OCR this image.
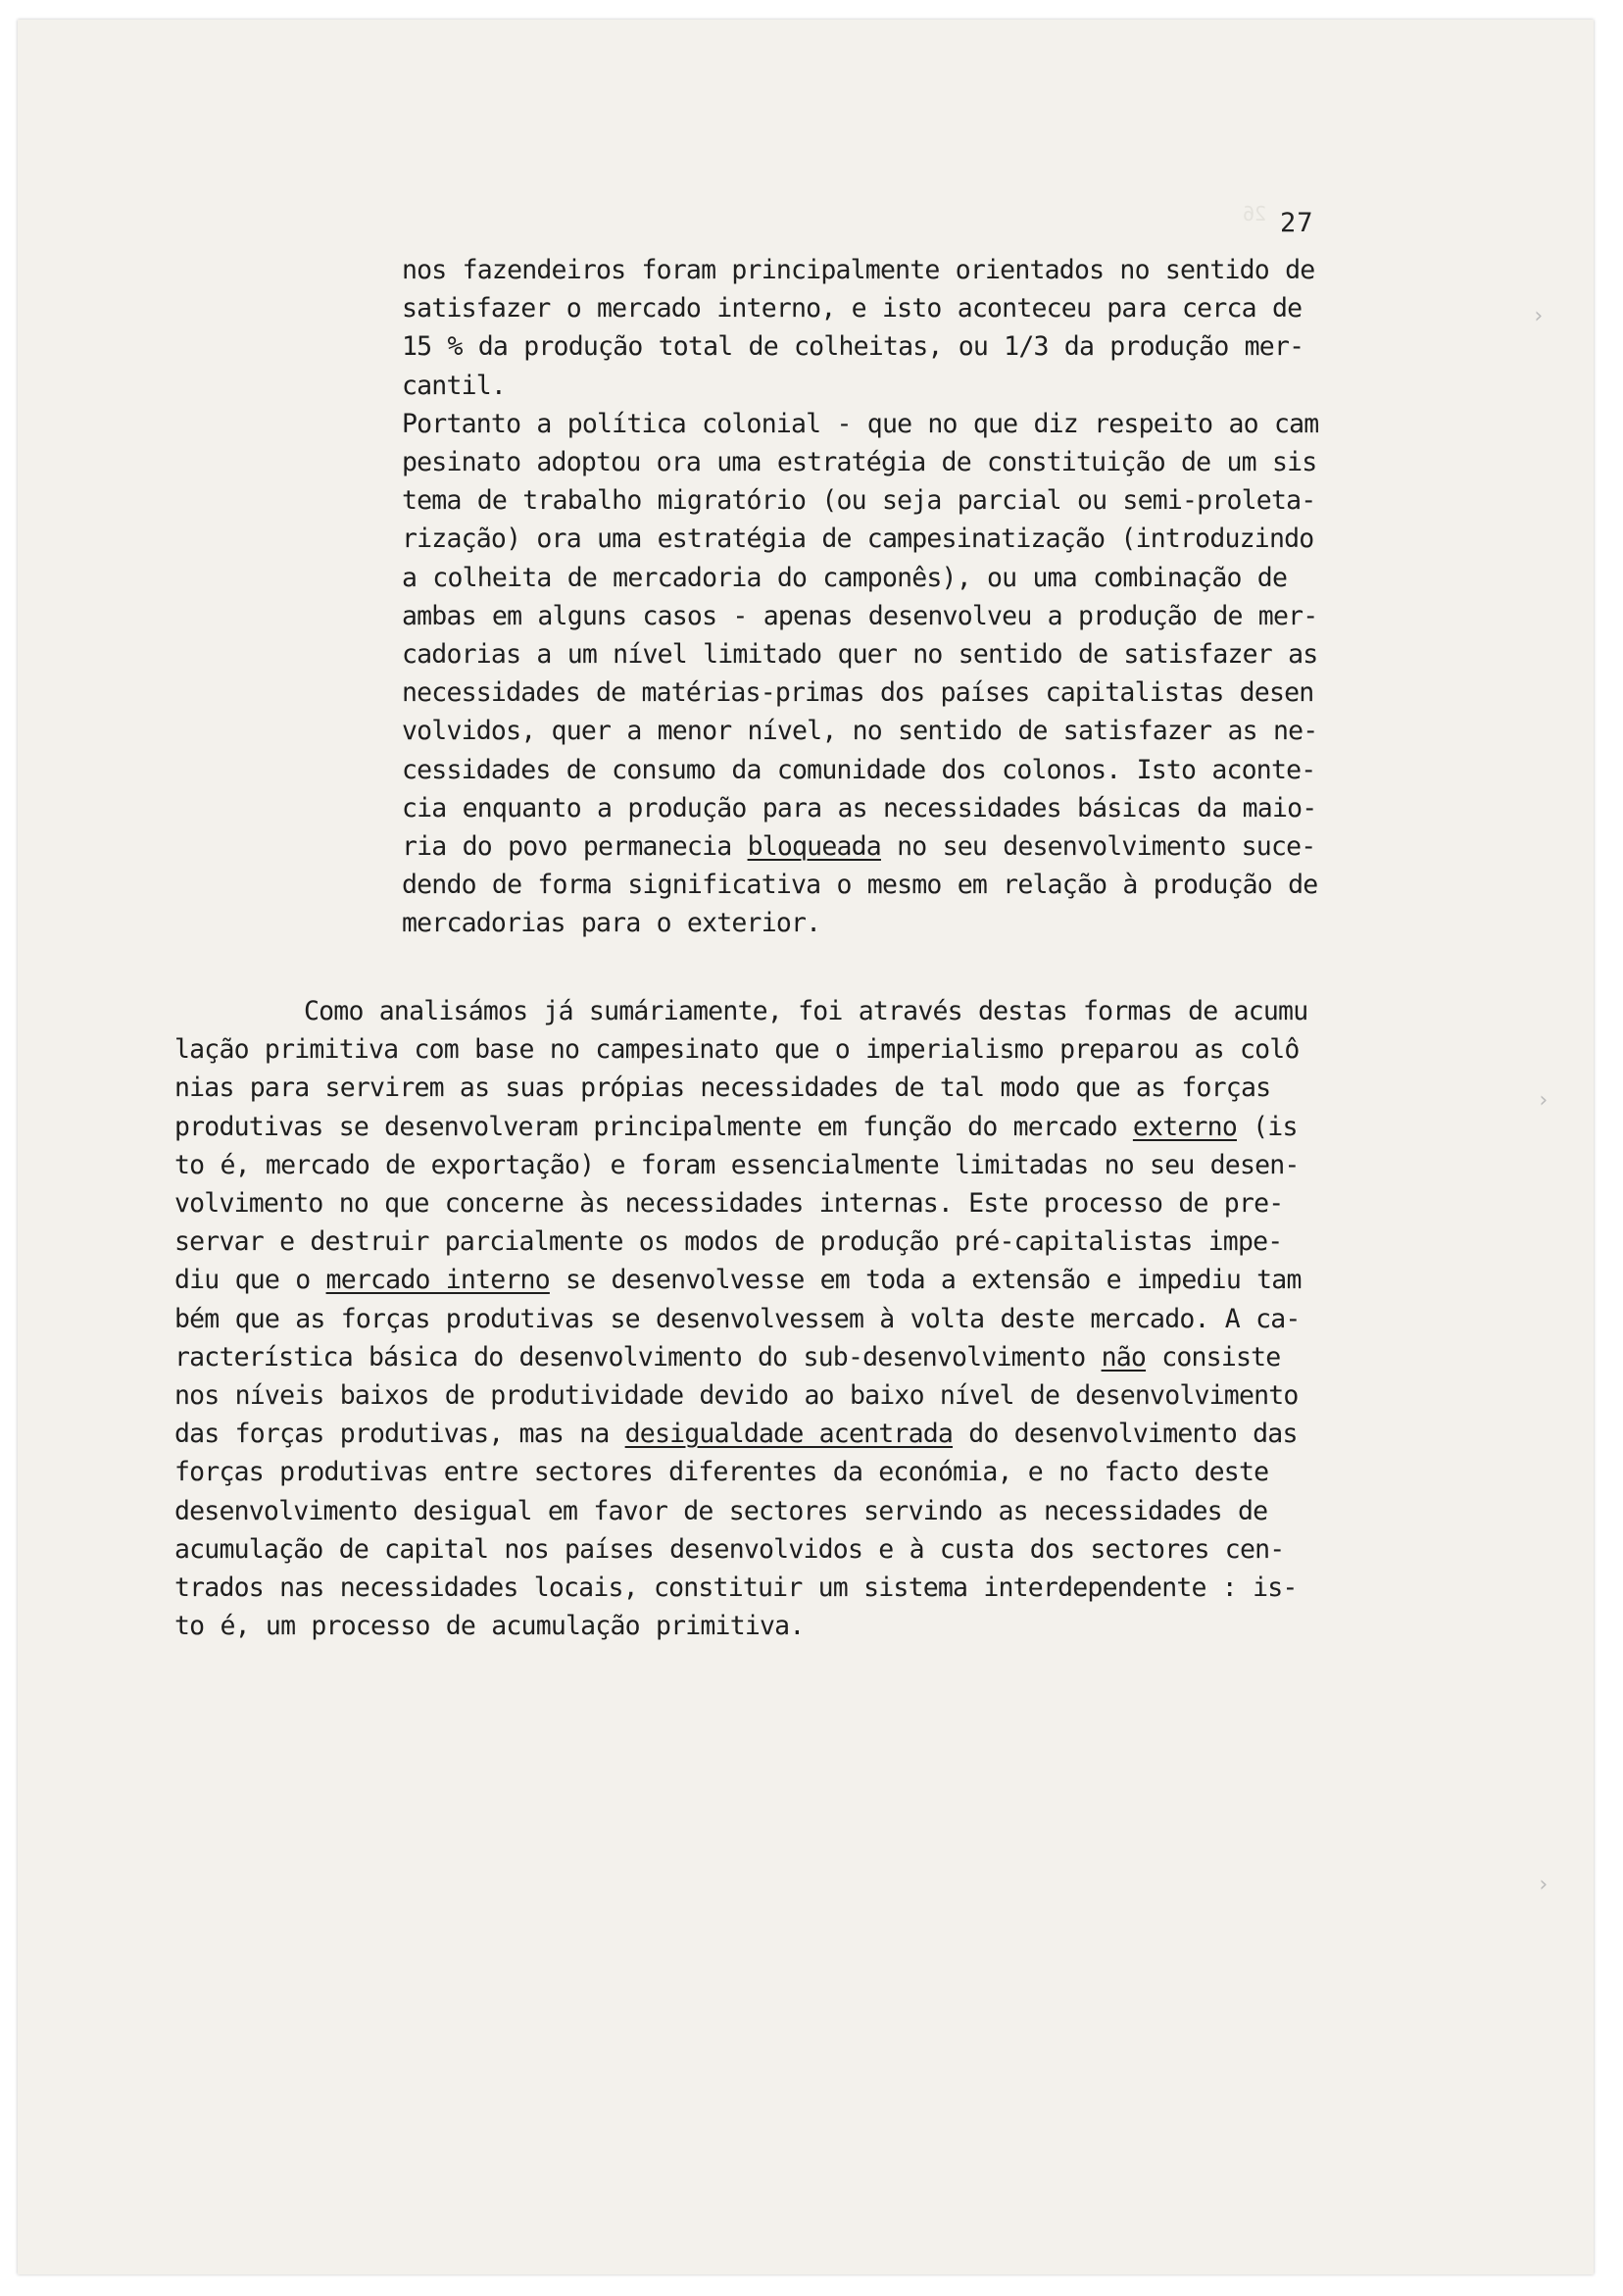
26 27
nos fazendeiros foram principalmente orientados no sentido de
satisfazer o mercado interno, e isto aconteceu para cerca de
15 % da produção total de colheitas, ou 1/3 da produção mer-
cantil.
Portanto a política colonial - que no que diz respeito ao cam
pesinato adoptou ora uma estratégia de constituição de um sis
tema de trabalho migratório (ou seja parcial ou semi-proleta-
rização) ora uma estratégia de campesinatização (introduzindo
a colheita de mercadoria do camponês), ou uma combinação de
ambas em alguns casos - apenas desenvolveu a produção de mer-
cadorias a um nível limitado quer no sentido de satisfazer as
necessidades de matérias-primas dos países capitalistas desen
volvidos, quer a menor nível, no sentido de satisfazer as ne-
cessidades de consumo da comunidade dos colonos. Isto aconte-
cia enquanto a produção para as necessidades básicas da maio-
ria do povo permanecia bloqueada no seu desenvolvimento suce-
dendo de forma significativa o mesmo em relação à produção de
mercadorias para o exterior.
Como analisámos já sumáriamente, foi através destas formas de acumu
lação primitiva com base no campesinato que o imperialismo preparou as colô
nias para servirem as suas própias necessidades de tal modo que as forças
produtivas se desenvolveram principalmente em função do mercado externo (is
to é, mercado de exportação) e foram essencialmente limitadas no seu desen-
volvimento no que concerne às necessidades internas. Este processo de pre-
servar e destruir parcialmente os modos de produção pré-capitalistas impe-
diu que o mercado interno se desenvolvesse em toda a extensão e impediu tam
bém que as forças produtivas se desenvolvessem à volta deste mercado. A ca-
racterística básica do desenvolvimento do sub-desenvolvimento não consiste
nos níveis baixos de produtividade devido ao baixo nível de desenvolvimento
das forças produtivas, mas na desigualdade acentrada do desenvolvimento das
forças produtivas entre sectores diferentes da económia, e no facto deste
desenvolvimento desigual em favor de sectores servindo as necessidades de
acumulação de capital nos países desenvolvidos e à custa dos sectores cen-
trados nas necessidades locais, constituir um sistema interdependente : is-
to é, um processo de acumulação primitiva.
›
›
›
